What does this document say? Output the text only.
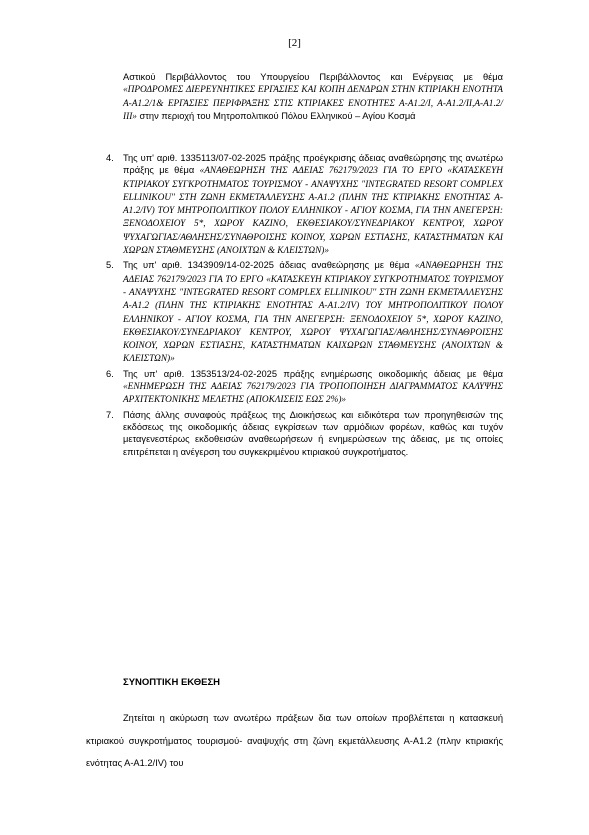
[2]
Αστικού Περιβάλλοντος του Υπουργείου Περιβάλλοντος και Ενέργειας με θέμα «ΠΡΟΔΡΟΜΕΣ ΔΙΕΡΕΥΝΗΤΙΚΕΣ ΕΡΓΑΣΙΕΣ ΚΑΙ ΚΟΠΗ ΔΕΝΔΡΩΝ ΣΤΗΝ ΚΤΙΡΙΑΚΗ ΕΝΟΤΗΤΑ Α-Α1.2/1& ΕΡΓΑΣΙΕΣ ΠΕΡΙΦΡΑΞΗΣ ΣΤΙΣ ΚΤΙΡΙΑΚΕΣ ΕΝΟΤΗΤΕΣ Α-Α1.2/Ι, Α-Α1.2/ΙΙ,Α-Α1.2/ΙΙΙ» στην περιοχή του Μητροπολιτικού Πόλου Ελληνικού – Αγίου Κοσμά
4. Της υπ' αριθ. 1335113/07-02-2025 πράξης προέγκρισης άδειας αναθεώρησης της ανωτέρω πράξης με θέμα «ΑΝΑΘΕΩΡΗΣΗ ΤΗΣ ΑΔΕΙΑΣ 762179/2023 ΓΙΑ ΤΟ ΕΡΓΟ «ΚΑΤΑΣΚΕΥΗ ΚΤΙΡΙΑΚΟΥ ΣΥΓΚΡΟΤΗΜΑΤΟΣ ΤΟΥΡΙΣΜΟΥ - ΑΝΑΨΥΧΗΣ "INTEGRATED RESORT COMPLEX ELLINIKOU" ΣΤΗ ΖΩΝΗ ΕΚΜΕΤΑΛΛΕΥΣΗΣ Α-Α1.2 (ΠΛΗΝ ΤΗΣ ΚΤΙΡΙΑΚΗΣ ΕΝΟΤΗΤΑΣ Α-Α1.2/IV) ΤΟΥ ΜΗΤΡΟΠΟΛΙΤΙΚΟΥ ΠΟΛΟΥ ΕΛΛΗΝΙΚΟΥ - ΑΓΙΟΥ ΚΟΣΜΑ, ΓΙΑ ΤΗΝ ΑΝΕΓΕΡΣΗ: ΞΕΝΟΔΟΧΕΙΟΥ 5*, ΧΩΡΟΥ ΚΑΖΙΝΟ, ΕΚΘΕΣΙΑΚΟΥ/ΣΥΝΕΔΡΙΑΚΟΥ ΚΕΝΤΡΟΥ, ΧΩΡΟΥ ΨΥΧΑΓΩΓΙΑΣ/ΑΘΛΗΣΗΣ/ΣΥΝΑΘΡΟΙΣΗΣ ΚΟΙΝΟΥ, ΧΩΡΩΝ ΕΣΤΙΑΣΗΣ, ΚΑΤΑΣΤΗΜΑΤΩΝ ΚΑΙ ΧΩΡΩΝ ΣΤΑΘΜΕΥΣΗΣ (ΑΝΟΙΧΤΩΝ & ΚΛΕΙΣΤΩΝ)»
5. Της υπ' αριθ. 1343909/14-02-2025 άδειας αναθεώρησης με θέμα «ΑΝΑΘΕΩΡΗΣΗ ΤΗΣ ΑΔΕΙΑΣ 762179/2023 ΓΙΑ ΤΟ ΕΡΓΟ «ΚΑΤΑΣΚΕΥΗ ΚΤΙΡΙΑΚΟΥ ΣΥΓΚΡΟΤΗΜΑΤΟΣ ΤΟΥΡΙΣΜΟΥ - ΑΝΑΨΥΧΗΣ "INTEGRATED RESORT COMPLEX ELLINIKOU'' ΣΤΗ ΖΩΝΗ ΕΚΜΕΤΑΛΛΕΥΣΗΣ Α-Α1.2 (ΠΛΗΝ ΤΗΣ ΚΤΙΡΙΑΚΗΣ ΕΝΟΤΗΤΑΣ Α-Α1.2/IV) ΤΟΥ ΜΗΤΡΟΠΟΛΙΤΙΚΟΥ ΠΟΛΟΥ ΕΛΛΗΝΙΚΟΥ - ΑΓΙΟΥ ΚΟΣΜΑ, ΓΙΑ ΤΗΝ ΑΝΕΓΕΡΣΗ: ΞΕΝΟΔΟΧΕΙΟΥ 5*, ΧΩΡΟΥ ΚΑΖΙΝΟ, ΕΚΘΕΣΙΑΚΟΥ/ΣΥΝΕΔΡΙΑΚΟΥ ΚΕΝΤΡΟΥ, ΧΩΡΟΥ ΨΥΧΑΓΩΓΙΑΣ/ΑΘΛΗΣΗΣ/ΣΥΝΑΘΡΟΙΣΗΣ ΚΟΙΝΟΥ, ΧΩΡΩΝ ΕΣΤΙΑΣΗΣ, ΚΑΤΑΣΤΗΜΑΤΩΝ ΚΑΙΧΩΡΩΝ ΣΤΑΘΜΕΥΣΗΣ (ΑΝΟΙΧΤΩΝ & ΚΛΕΙΣΤΩΝ)»
6. Της υπ' αριθ. 1353513/24-02-2025 πράξης ενημέρωσης οικοδομικής άδειας με θέμα «ΕΝΗΜΕΡΩΣΗ ΤΗΣ ΑΔΕΙΑΣ 762179/2023 ΓΙΑ ΤΡΟΠΟΠΟΙΗΣΗ ΔΙΑΓΡΑΜΜΑΤΟΣ ΚΑΛΥΨΗΣ ΑΡΧΙΤΕΚΤΟΝΙΚΗΣ ΜΕΛΕΤΗΣ (ΑΠΟΚΛΙΣΕΙΣ ΕΩΣ 2%)»
7. Πάσης άλλης συναφούς πράξεως της Διοικήσεως και ειδικότερα των προηγηθεισών της εκδόσεως της οικοδομικής άδειας εγκρίσεων των αρμόδιων φορέων, καθώς και τυχόν μεταγενεστέρως εκδοθεισών αναθεωρήσεων ή ενημερώσεων της άδειας, με τις οποίες επιτρέπεται η ανέγερση του συγκεκριμένου κτιριακού συγκροτήματος.
ΣΥΝΟΠΤΙΚΗ ΕΚΘΕΣΗ
Ζητείται η ακύρωση των ανωτέρω πράξεων δια των οποίων προβλέπεται η κατασκευή κτιριακού συγκροτήματος τουρισμού- αναψυχής στη ζώνη εκμετάλλευσης Α-Α1.2 (πλην κτιριακής ενότητας Α-Α1.2/IV) του
